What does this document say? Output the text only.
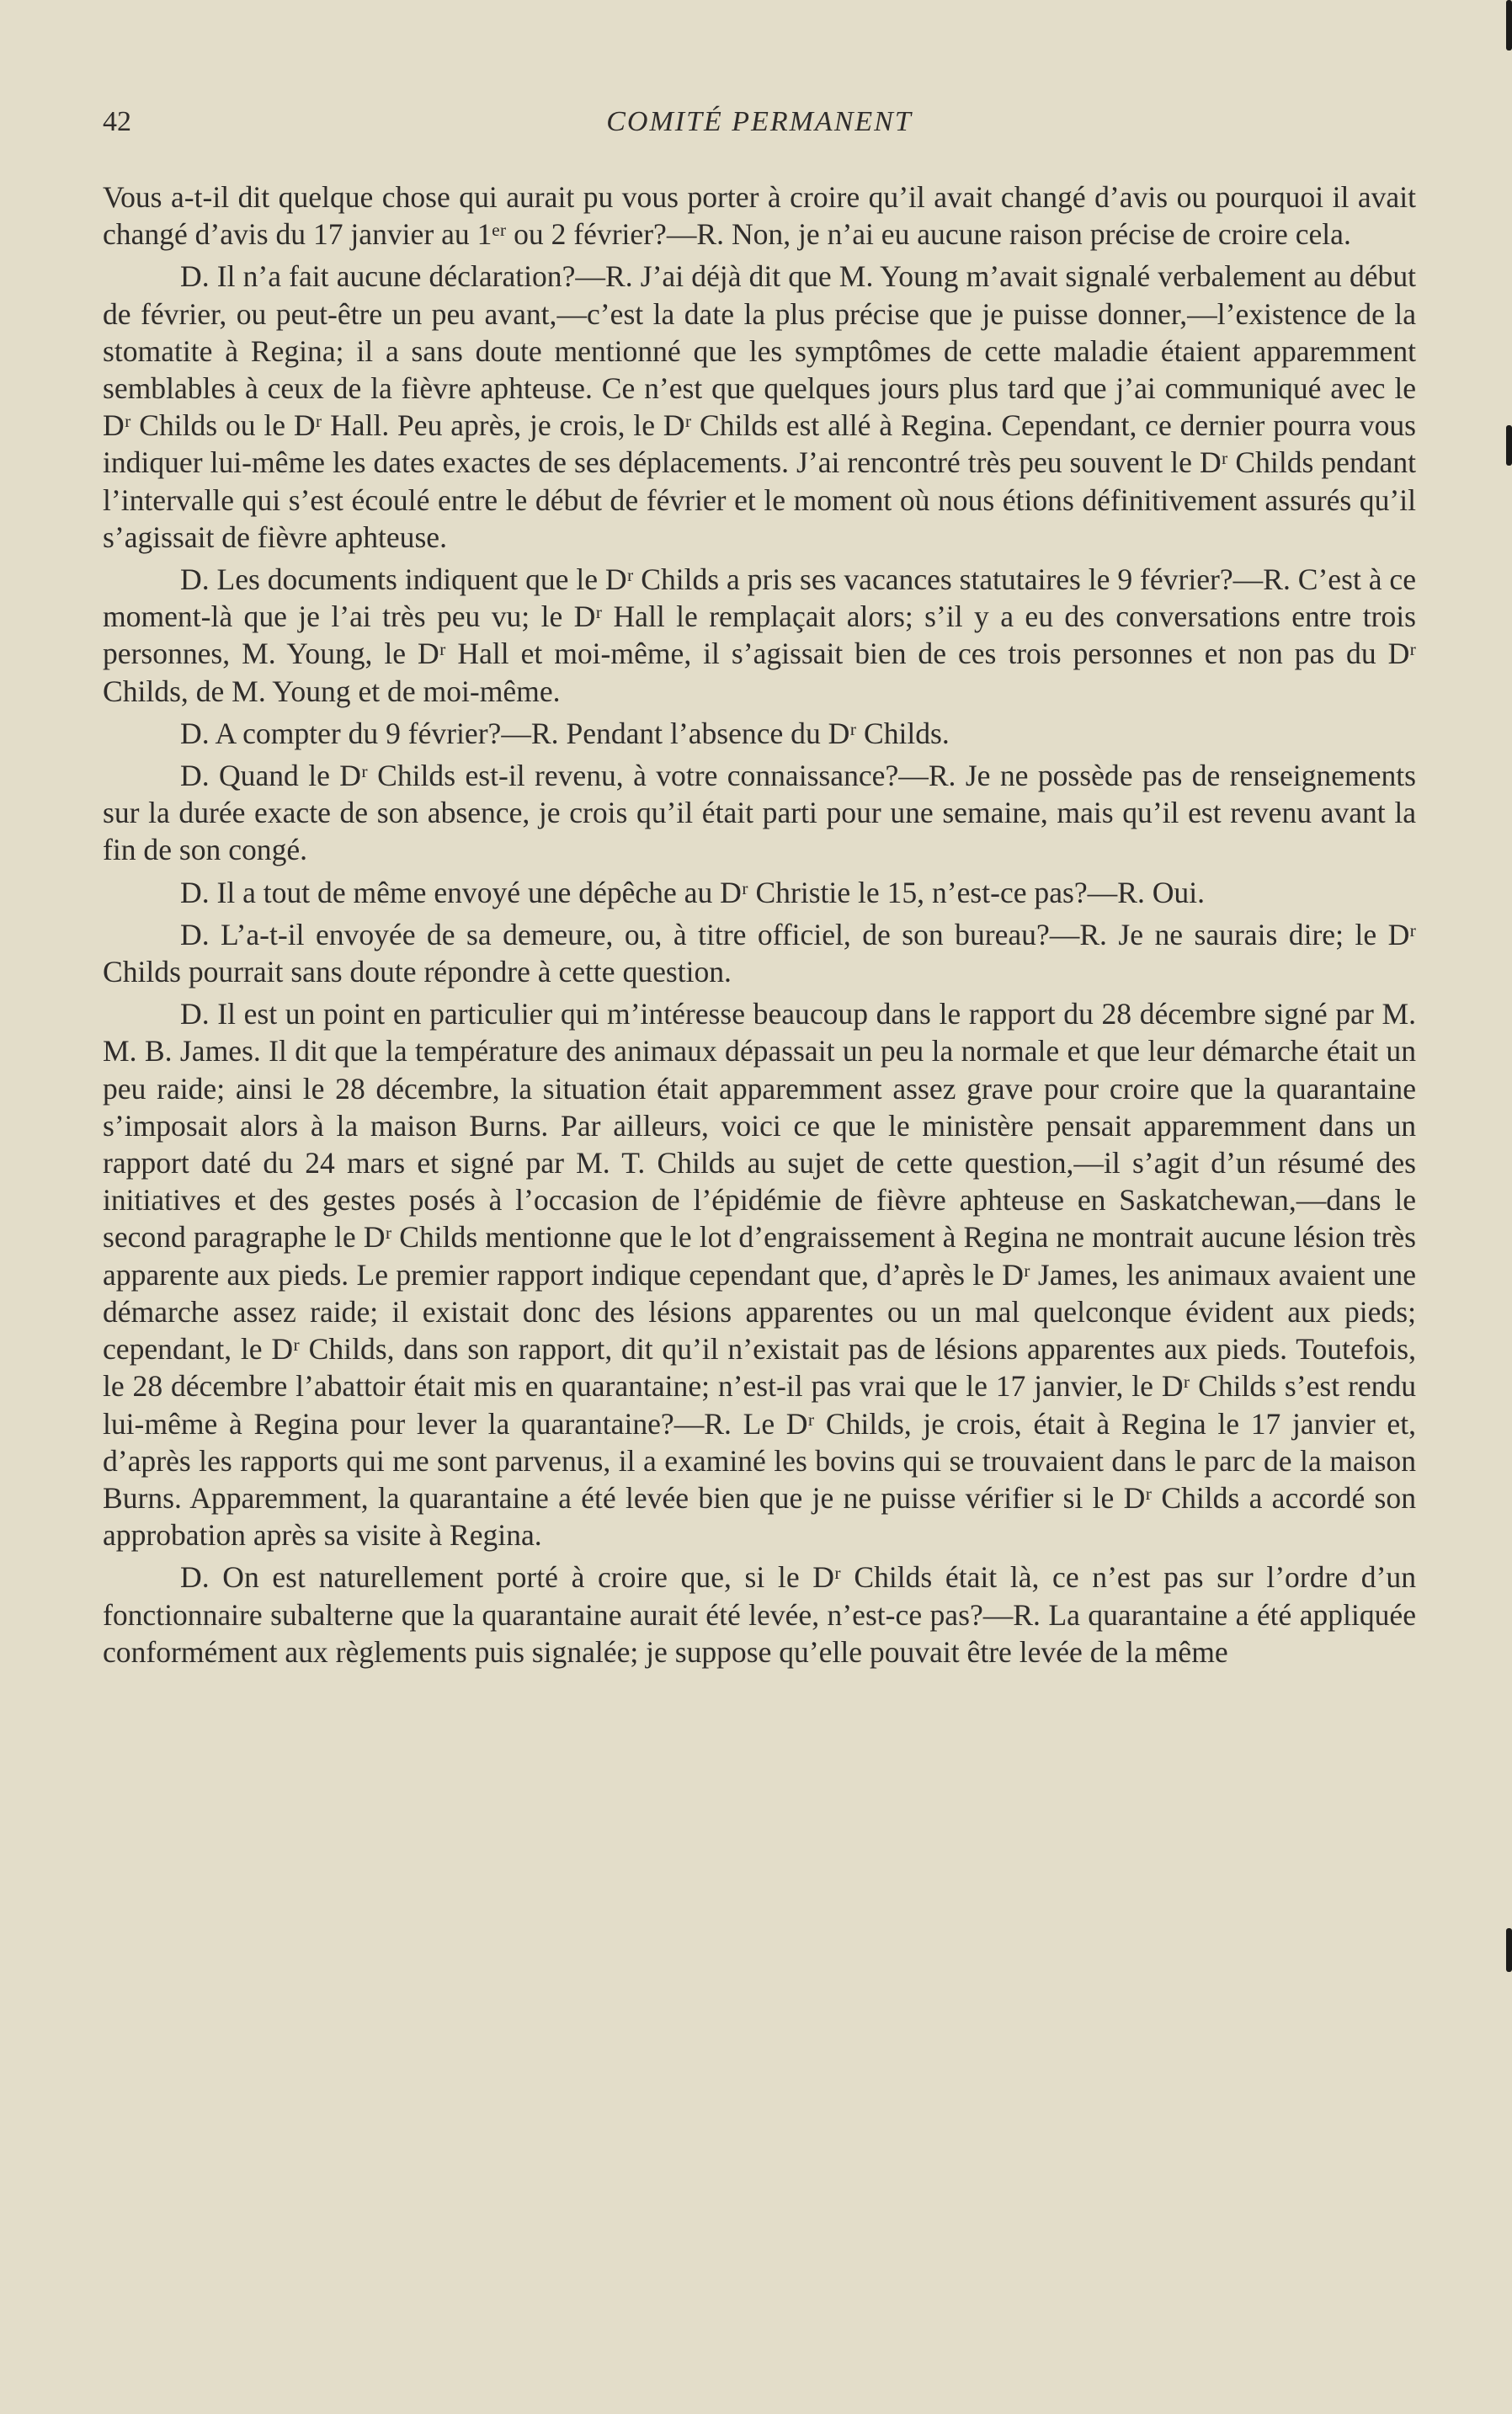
42	COMITÉ PERMANENT

Vous a-t-il dit quelque chose qui aurait pu vous porter à croire qu’il avait changé d’avis ou pourquoi il avait changé d’avis du 17 janvier au 1ᵉʳ ou 2 février?—R. Non, je n’ai eu aucune raison précise de croire cela.

D. Il n’a fait aucune déclaration?—R. J’ai déjà dit que M. Young m’avait signalé verbalement au début de février, ou peut-être un peu avant,—c’est la date la plus précise que je puisse donner,—l’existence de la stomatite à Regina; il a sans doute mentionné que les symptômes de cette maladie étaient apparemment semblables à ceux de la fièvre aphteuse. Ce n’est que quelques jours plus tard que j’ai communiqué avec le Dʳ Childs ou le Dʳ Hall. Peu après, je crois, le Dʳ Childs est allé à Regina. Cependant, ce dernier pourra vous indiquer lui-même les dates exactes de ses déplacements. J’ai rencontré très peu souvent le Dʳ Childs pendant l’intervalle qui s’est écoulé entre le début de février et le moment où nous étions définitivement assurés qu’il s’agissait de fièvre aphteuse.

D. Les documents indiquent que le Dʳ Childs a pris ses vacances statutaires le 9 février?—R. C’est à ce moment-là que je l’ai très peu vu; le Dʳ Hall le remplaçait alors; s’il y a eu des conversations entre trois personnes, M. Young, le Dʳ Hall et moi-même, il s’agissait bien de ces trois personnes et non pas du Dʳ Childs, de M. Young et de moi-même.

D. A compter du 9 février?—R. Pendant l’absence du Dʳ Childs.

D. Quand le Dʳ Childs est-il revenu, à votre connaissance?—R. Je ne possède pas de renseignements sur la durée exacte de son absence, je crois qu’il était parti pour une semaine, mais qu’il est revenu avant la fin de son congé.

D. Il a tout de même envoyé une dépêche au Dʳ Christie le 15, n’est-ce pas?—R. Oui.

D. L’a-t-il envoyée de sa demeure, ou, à titre officiel, de son bureau?—R. Je ne saurais dire; le Dʳ Childs pourrait sans doute répondre à cette question.

D. Il est un point en particulier qui m’intéresse beaucoup dans le rapport du 28 décembre signé par M. M. B. James. Il dit que la température des animaux dépassait un peu la normale et que leur démarche était un peu raide; ainsi le 28 décembre, la situation était apparemment assez grave pour croire que la quarantaine s’imposait alors à la maison Burns. Par ailleurs, voici ce que le ministère pensait apparemment dans un rapport daté du 24 mars et signé par M. T. Childs au sujet de cette question,—il s’agit d’un résumé des initiatives et des gestes posés à l’occasion de l’épidémie de fièvre aphteuse en Saskatchewan,—dans le second paragraphe le Dʳ Childs mentionne que le lot d’engraissement à Regina ne montrait aucune lésion très apparente aux pieds. Le premier rapport indique cependant que, d’après le Dʳ James, les animaux avaient une démarche assez raide; il existait donc des lésions apparentes ou un mal quelconque évident aux pieds; cependant, le Dʳ Childs, dans son rapport, dit qu’il n’existait pas de lésions apparentes aux pieds. Toutefois, le 28 décembre l’abattoir était mis en quarantaine; n’est-il pas vrai que le 17 janvier, le Dʳ Childs s’est rendu lui-même à Regina pour lever la quarantaine?—R. Le Dʳ Childs, je crois, était à Regina le 17 janvier et, d’après les rapports qui me sont parvenus, il a examiné les bovins qui se trouvaient dans le parc de la maison Burns. Apparemment, la quarantaine a été levée bien que je ne puisse vérifier si le Dʳ Childs a accordé son approbation après sa visite à Regina.

D. On est naturellement porté à croire que, si le Dʳ Childs était là, ce n’est pas sur l’ordre d’un fonctionnaire subalterne que la quarantaine aurait été levée, n’est-ce pas?—R. La quarantaine a été appliquée conformément aux règlements puis signalée; je suppose qu’elle pouvait être levée de la même
